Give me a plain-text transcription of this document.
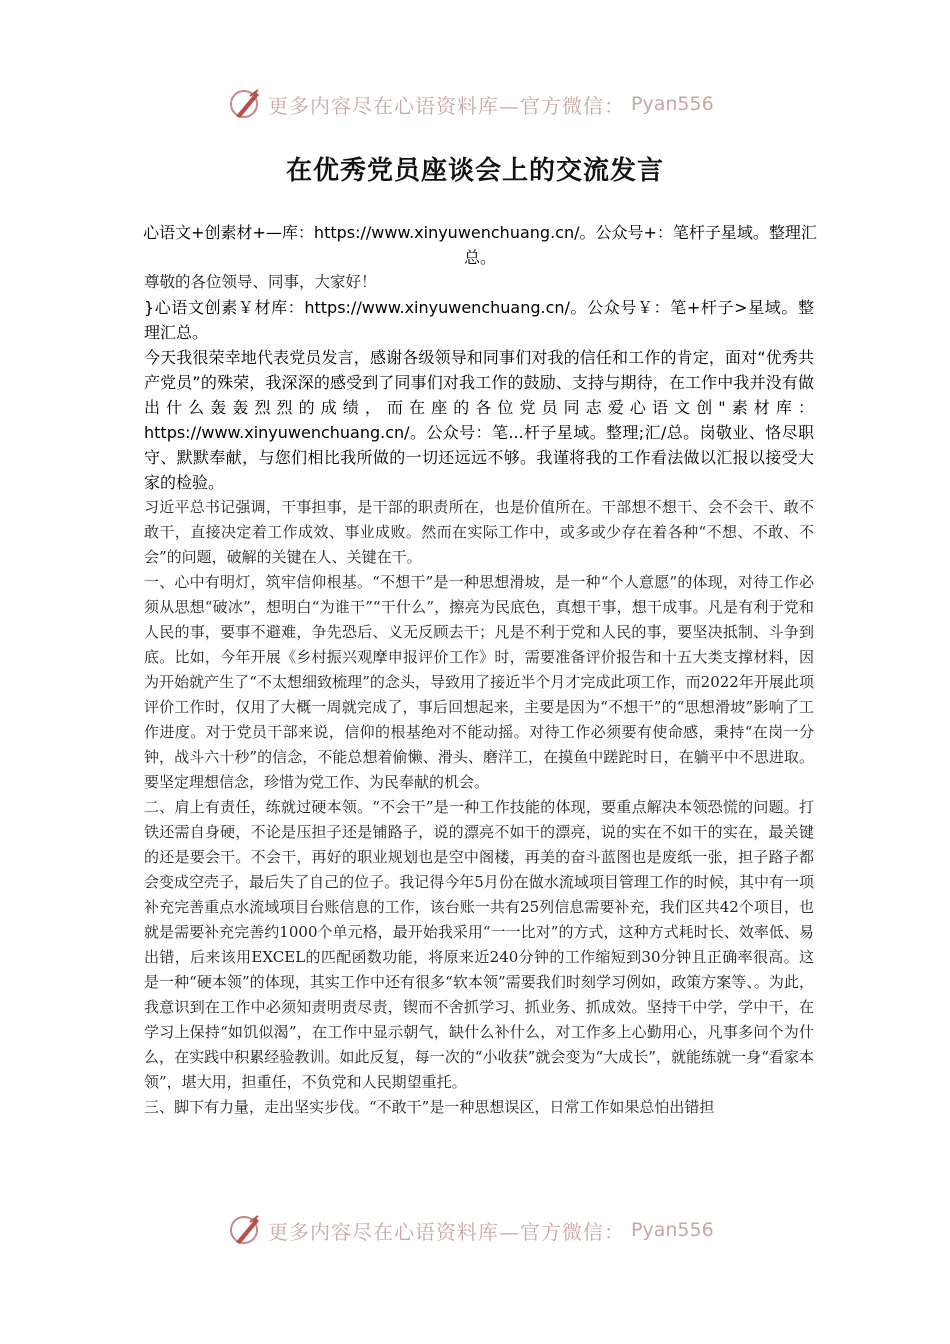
更多内容尽在心语资料库—官方微信： Pyan556
在优秀党员座谈会上的交流发言
心语文+创素材+—库：https://www.xinyuwenchuang.cn/。公众号+：笔杆子星域。整理汇总。

尊敬的各位领导、同事，大家好！

}心语文创素￥材库：https://www.xinyuwenchuang.cn/。公众号￥：笔+杆子>星域。整理汇总。

今天我很荣幸地代表党员发言，感谢各级领导和同事们对我的信任和工作的肯定，面对“优秀共产党员”的殊荣，我深深的感受到了同事们对我工作的鼓励、支持与期待，在工作中我并没有做出什么轰轰烈烈的成绩，而在座的各位党员同志爱心语文创"素材库：https://www.xinyuwenchuang.cn/。公众号：笔...杆子星域。整理;汇/总。岗敬业、恪尽职守、默默奉献，与您们相比我所做的一切还远远不够。我谨将我的工作看法做以汇报以接受大家的检验。

习近平总书记强调，干事担事，是干部的职责所在，也是价值所在。干部想不想干、会不会干、敢不敢干，直接决定着工作成效、事业成败。然而在实际工作中，或多或少存在着各种“不想、不敢、不会”的问题，破解的关键在人、关键在干。

一、心中有明灯，筑牢信仰根基。“不想干”是一种思想滑坡，是一种“个人意愿”的体现，对待工作必须从思想“破冰”，想明白“为谁干”“干什么”，擦亮为民底色，真想干事，想干成事。凡是有利于党和人民的事，要事不避难，争先恐后、义无反顾去干；凡是不利于党和人民的事，要坚决抵制、斗争到底。比如，今年开展《乡村振兴观摩申报评价工作》时，需要准备评价报告和十五大类支撑材料，因为开始就产生了“不太想细致梳理”的念头，导致用了接近半个月才完成此项工作，而2022年开展此项评价工作时，仅用了大概一周就完成了，事后回想起来，主要是因为“不想干”的“思想滑坡”影响了工作进度。对于党员干部来说，信仰的根基绝对不能动摇。对待工作必须要有使命感，秉持“在岗一分钟，战斗六十秒”的信念，不能总想着偷懒、滑头、磨洋工，在摸鱼中蹉跎时日，在躺平中不思进取。要坚定理想信念，珍惜为党工作、为民奉献的机会。

二、肩上有责任，练就过硬本领。“不会干”是一种工作技能的体现，要重点解决本领恐慌的问题。打铁还需自身硬，不论是压担子还是铺路子，说的漂亮不如干的漂亮，说的实在不如干的实在，最关键的还是要会干。不会干，再好的职业规划也是空中阁楼，再美的奋斗蓝图也是废纸一张，担子路子都会变成空壳子，最后失了自己的位子。我记得今年5月份在做水流域项目管理工作的时候，其中有一项补充完善重点水流域项目台账信息的工作，该台账一共有25列信息需要补充，我们区共42个项目，也就是需要补充完善约1000个单元格，最开始我采用“一一比对”的方式，这种方式耗时长、效率低、易出错，后来该用EXCEL的匹配函数功能，将原来近240分钟的工作缩短到30分钟且正确率很高。这是一种“硬本领”的体现，其实工作中还有很多“软本领”需要我们时刻学习例如，政策方案等、。为此，我意识到在工作中必须知责明责尽责，锲而不舍抓学习、抓业务、抓成效。坚持干中学，学中干，在学习上保持“如饥似渴”，在工作中显示朝气，缺什么补什么，对工作多上心勤用心，凡事多问个为什么，在实践中积累经验教训。如此反复，每一次的“小收获”就会变为“大成长”，就能练就一身“看家本领”，堪大用，担重任，不负党和人民期望重托。

三、脚下有力量，走出坚实步伐。“不敢干”是一种思想误区，日常工作如果总怕出错担

更多内容尽在心语资料库—官方微信： Pyan556
